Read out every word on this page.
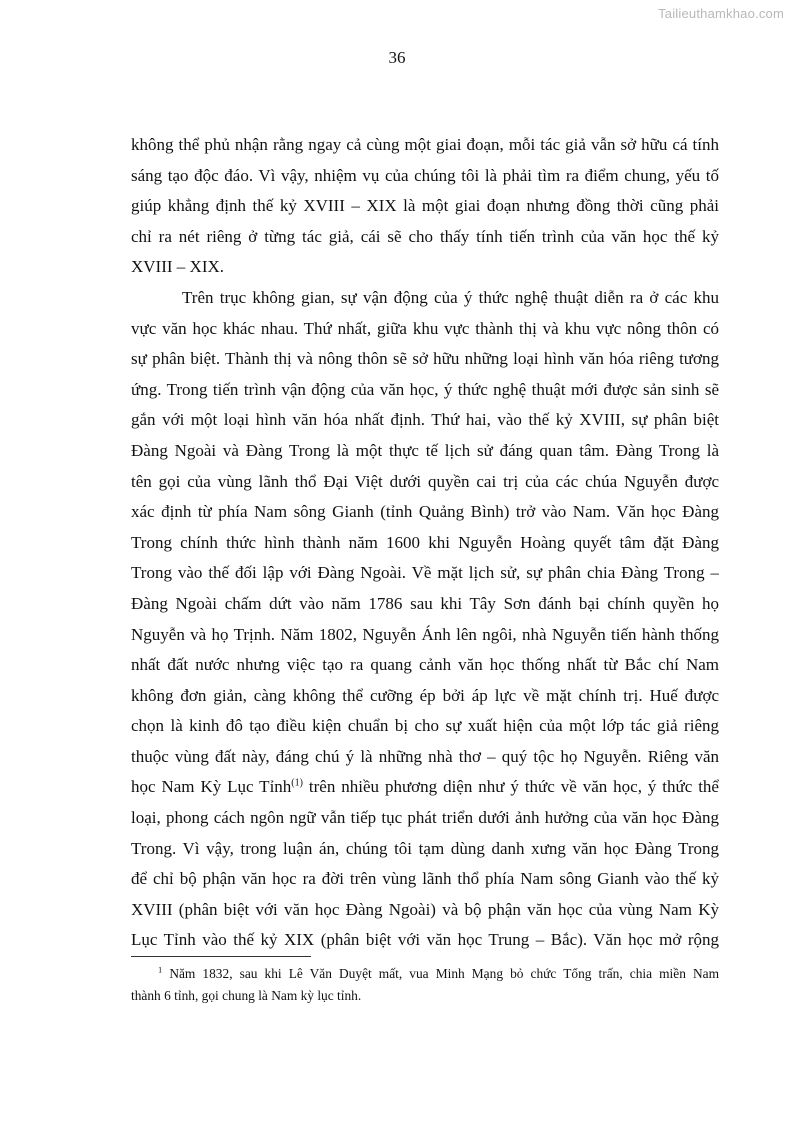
Tailieuthamkhao.com
36
không thể phủ nhận rằng ngay cả cùng một giai đoạn, mỗi tác giả vẫn sở hữu cá tính
sáng tạo độc đáo. Vì vậy, nhiệm vụ của chúng tôi là phải tìm ra điểm chung, yếu tố
giúp khẳng định thế kỷ XVIII – XIX là một giai đoạn nhưng đồng thời cũng phải
chỉ ra nét riêng ở từng tác giả, cái sẽ cho thấy tính tiến trình của văn học thế kỷ
XVIII – XIX.
Trên trục không gian, sự vận động của ý thức nghệ thuật diễn ra ở các khu
vực văn học khác nhau. Thứ nhất, giữa khu vực thành thị và khu vực nông thôn có
sự phân biệt. Thành thị và nông thôn sẽ sở hữu những loại hình văn hóa riêng tương
ứng. Trong tiến trình vận động của văn học, ý thức nghệ thuật mới được sản sinh sẽ
gắn với một loại hình văn hóa nhất định. Thứ hai, vào thế kỷ XVIII, sự phân biệt
Đàng Ngoài và Đàng Trong là một thực tế lịch sử đáng quan tâm. Đàng Trong là
tên gọi của vùng lãnh thổ Đại Việt dưới quyền cai trị của các chúa Nguyễn được
xác định từ phía Nam sông Gianh (tỉnh Quảng Bình) trở vào Nam. Văn học Đàng
Trong chính thức hình thành năm 1600 khi Nguyễn Hoàng quyết tâm đặt Đàng
Trong vào thế đối lập với Đàng Ngoài. Về mặt lịch sử, sự phân chia Đàng Trong –
Đàng Ngoài chấm dứt vào năm 1786 sau khi Tây Sơn đánh bại chính quyền họ
Nguyễn và họ Trịnh. Năm 1802, Nguyễn Ánh lên ngôi, nhà Nguyễn tiến hành thống
nhất đất nước nhưng việc tạo ra quang cảnh văn học thống nhất từ Bắc chí Nam
không đơn giản, càng không thể cưỡng ép bởi áp lực về mặt chính trị. Huế được
chọn là kinh đô tạo điều kiện chuẩn bị cho sự xuất hiện của một lớp tác giả riêng
thuộc vùng đất này, đáng chú ý là những nhà thơ – quý tộc họ Nguyễn. Riêng văn
học Nam Kỳ Lục Tỉnh$^{(1)}$ trên nhiều phương diện như ý thức về văn học, ý thức thể
loại, phong cách ngôn ngữ vẫn tiếp tục phát triển dưới ảnh hưởng của văn học Đàng
Trong. Vì vậy, trong luận án, chúng tôi tạm dùng danh xưng văn học Đàng Trong
để chỉ bộ phận văn học ra đời trên vùng lãnh thổ phía Nam sông Gianh vào thế kỷ
XVIII (phân biệt với văn học Đàng Ngoài) và bộ phận văn học của vùng Nam Kỳ
Lục Tỉnh vào thế kỷ XIX (phân biệt với văn học Trung – Bắc). Văn học mở rộng
$^1$ Năm 1832, sau khi Lê Văn Duyệt mất, vua Minh Mạng bỏ chức Tổng trấn, chia miền Nam
thành 6 tỉnh, gọi chung là Nam kỳ lục tỉnh.
